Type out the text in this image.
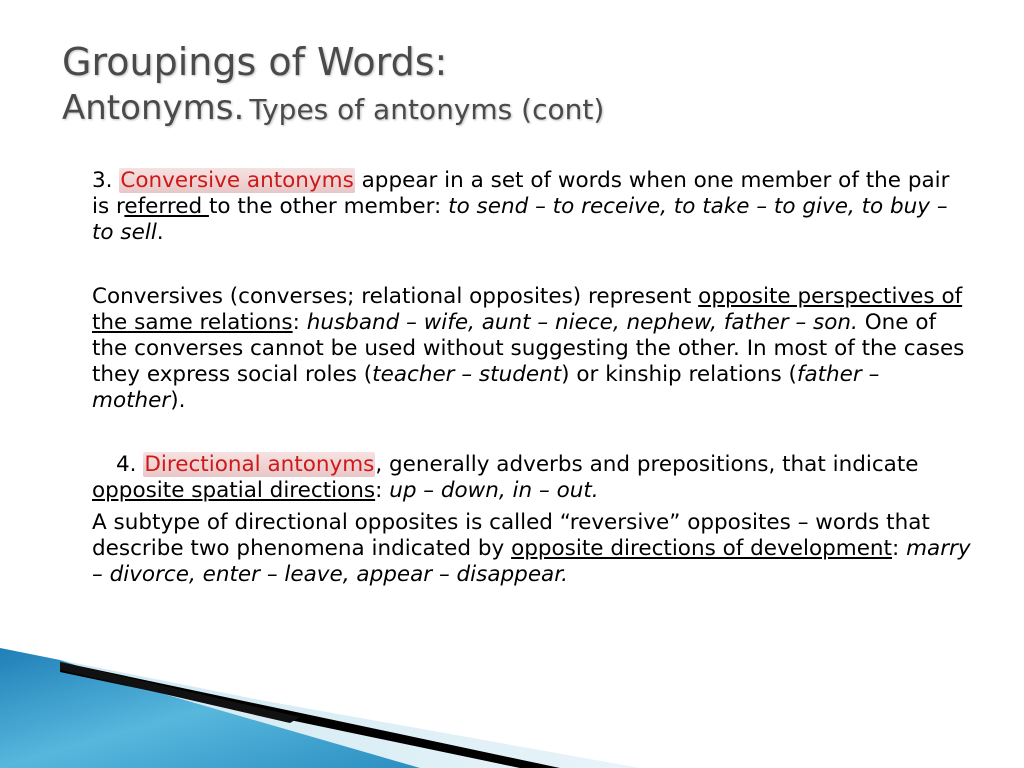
Groupings of Words:
Antonyms. Types of antonyms (cont)

3. Conversive antonyms appear in a set of words when one member of the pair is referred to the other member: to send – to receive, to take – to give, to buy – to sell.

Conversives (converses; relational opposites) represent opposite perspectives of the same relations: husband – wife, aunt – niece, nephew, father – son. One of the converses cannot be used without suggesting the other. In most of the cases they express social roles (teacher – student) or kinship relations (father – mother).

4. Directional antonyms, generally adverbs and prepositions, that indicate opposite spatial directions: up – down, in – out.

A subtype of directional opposites is called “reversive” opposites – words that describe two phenomena indicated by opposite directions of development: marry – divorce, enter – leave, appear – disappear.
